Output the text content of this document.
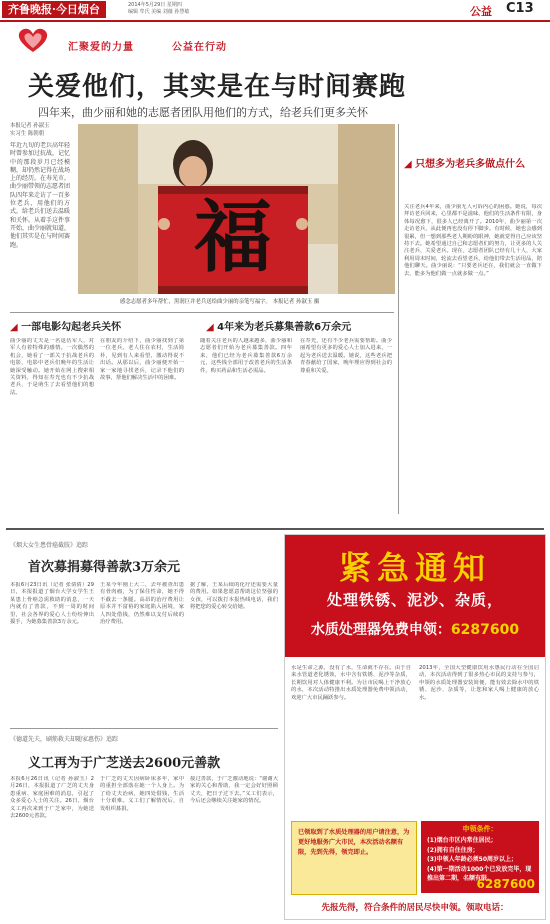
齐鲁晚报·今日烟台	2014年5月29日 星期四
编辑 牟氏 美编 刘薇 孙慧敏	公益 C13
汇聚爱的力量	公益在行动
关爱他们，其实是在与时间赛跑
四年来，曲少丽和她的志愿者团队用他们的方式，给老兵们更多关怀
本报记者 孙淑玉
实习生 陈朝朝
年近九旬的老兵高年轻时曾参加过抗战，记忆中的那段岁月已经模糊，却仍然记得在战场上的经历。在寿光市，曲少丽带领的志愿者团队四年来走访了一百多位老兵，用他们的方式，给老兵们送去温暖和关怀。从着手这件事开始，曲少丽就知道，他们其实是在与时间赛跑。	福
感念志愿者多年帮忙，黑润巨并老兵送给曲少丽的亲笔写福字。 本报记者 孙淑玉 摄
◢ 只想多为老兵多做点什么
关注老兵4年来，曲少丽无人可诉内心的困惑。她说，每次拜访老兵回来，心里都不是滋味，他们的生活条件有限，身体每况愈下，很多人已经离开了。2010年，曲少丽第一次走访老兵，从此便再也没有停下脚步。有时候，她也会感到很累，但一想到那些老人期盼的眼神，她就觉得自己应该坚持下去。她希望通过自己和志愿者们的努力，让更多的人关注老兵、关爱老兵。现在，志愿者团队已经有几十人，大家利用周末时间，轮流去看望老兵，给他们带去生活用品，陪他们聊天。曲少丽说：“只要老兵还在，我们就会一直做下去，能多为他们做一点就多做一点。”
◢ 一部电影勾起老兵关怀	◢ 4年来为老兵募集善款6万余元
曲少丽的丈夫是一名退伍军人，对军人有着特殊的感情。一次偶然的机会，她看了一部关于抗战老兵的电影，电影中老兵们晚年的生活让她深受触动。她开始在网上搜索相关资料，得知在寿光也有不少抗战老兵，于是萌生了去看望他们的想法。
在朋友的介绍下，曲少丽找到了第一位老兵。老人住在农村，生活简朴，见到有人来看望，激动得说不出话。从那以后，曲少丽便开始一家一家地寻找老兵，记录下他们的故事，帮他们解决生活中的困难。
随着关注老兵的人越来越多，曲少丽和志愿者们开始为老兵募集善款。四年来，他们已经为老兵募集善款6万余元，这些钱全部用于改善老兵的生活条件，购买药品和生活必需品。
在寿光，还有不少老兵需要帮助。曲少丽希望有更多的爱心人士加入进来，一起为老兵送去温暖。她说，这些老兵把青春献给了国家，晚年理应得到社会的尊重和关爱。
《烟大女生患骨癌截肢》追踪
首次募捐募得善款3万余元
本报6月23日讯（记者 张倩倩）29日，本报报道了烟台大学女学生王某患上骨癌急需救助的消息，一天内就有了善款，不到一周的时间里，社会各界的爱心人士纷纷伸出援手，为她募集善款3万余元。
王某今年刚上大二，去年被查出患有骨肉瘤，为了保住性命，她不得不截去一条腿。高昂的治疗费用让原本并不富裕的家庭陷入困境，家人四处借钱，仍然难以支付后续的治疗费用。
据了解，王某后续的化疗还需要大量的费用。如果您愿意帮助这位坚强的女孩，可以拨打本报热线电话，我们将把您的爱心转交给她。
《德道先夫，刷筋救夫却随家惠伤》追踪
义工再为于广芝送去2600元善款
本报6月26日讯（记者 孙淑玉）2月26日，本报报道了广芝的丈夫身患重病、家庭困难的消息，引起了众多爱心人士的关注。26日，烟台义工再次来到于广芝家中，为她送去2600元善款。
于广芝的丈夫因病卧床多年，家中的重担全部落在她一个人身上。为了给丈夫治病，她四处借钱，生活十分艰难。义工们了解情况后，自发组织募捐。
接过善款，于广芝激动地说：“谢谢大家的关心和帮助，我一定会好好照顾丈夫，把日子过下去。”义工们表示，今后还会继续关注她家的情况。
紧急通知
处理铁锈、泥沙、杂质，
水质处理器免费申领：6287600
水是生命之源，没有了水，生命就不存在。由于自来水管道老化锈蚀，水中含有铁锈、泥沙等杂质，长期饮用对人体健康不利。为让市民喝上干净放心的水，本次活动特推出水质处理器免费申领活动，欢迎广大市民踊跃参与。
2013年，全国大型健康饮用水惠民行动在全国启动，本次活动得到了很多热心市民的支持与参与，申领的水质处理器安装简便，能有效去除水中的铁锈、泥沙、杂质等，让您和家人喝上健康的放心水。
已领取到了水质处理器的用户请注意，为更好地服务广大市民，本次活动名额有限，先到先得，领完即止。
申领条件：
(1)烟台市区内常住居民；
(2)拥有自住住房；
(3)申领人年龄必须50周岁以上；
(4)第一期活动1000个已发放完毕，现推出第二期，名额有限。
6287600
先报先得，符合条件的居民尽快申领。领取电话：
